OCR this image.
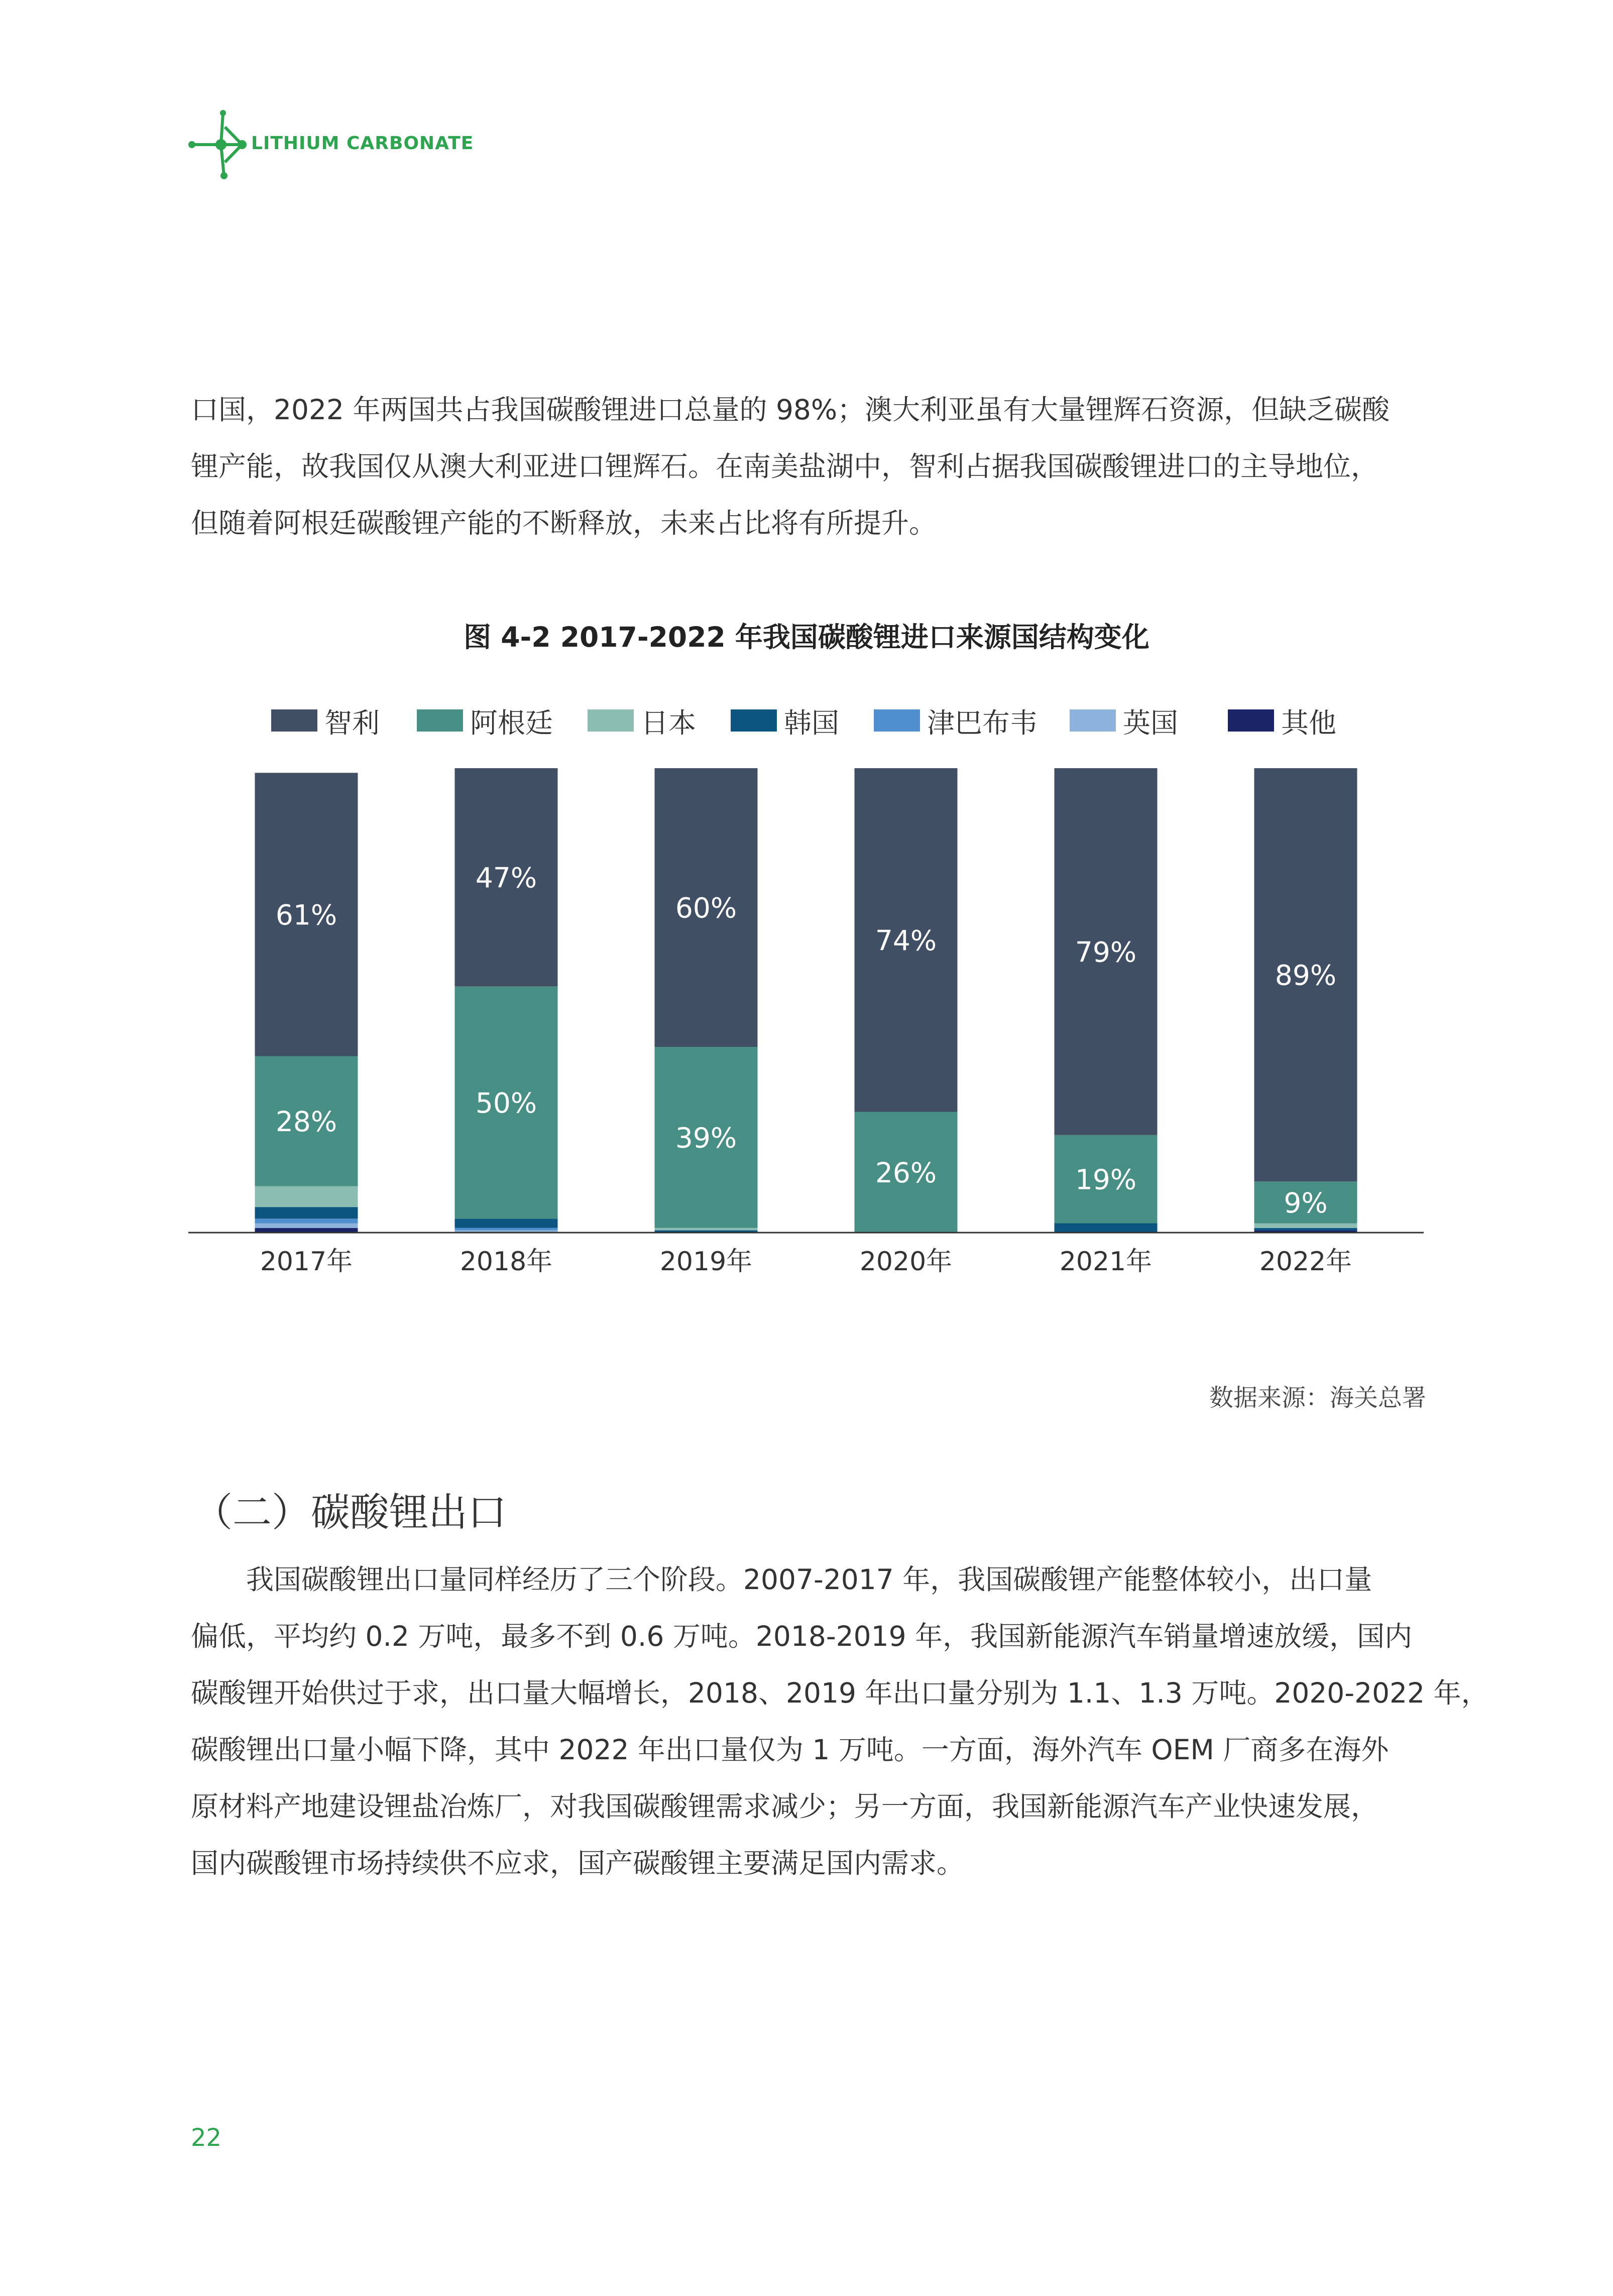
LITHIUM CARBONATE
口国，2022 年两国共占我国碳酸锂进口总量的 98%；澳大利亚虽有大量锂辉石资源，但缺乏碳酸
锂产能，故我国仅从澳大利亚进口锂辉石。在南美盐湖中，智利占据我国碳酸锂进口的主导地位，
但随着阿根廷碳酸锂产能的不断释放，未来占比将有所提升。
图 4-2 2017-2022 年我国碳酸锂进口来源国结构变化
智利	阿根廷	日本	韩国	津巴布韦	英国	其他
28%
61%
2017年
50%
47%
2018年
39%
60%
2019年
26%
74%
2020年
19%
79%
2021年
9%
89%
2022年
数据来源：海关总署
（二）碳酸锂出口
　　我国碳酸锂出口量同样经历了三个阶段。2007-2017 年，我国碳酸锂产能整体较小，出口量
偏低，平均约 0.2 万吨，最多不到 0.6 万吨。2018-2019 年，我国新能源汽车销量增速放缓，国内
碳酸锂开始供过于求，出口量大幅增长，2018、2019 年出口量分别为 1.1、1.3 万吨。2020-2022 年，
碳酸锂出口量小幅下降，其中 2022 年出口量仅为 1 万吨。一方面，海外汽车 OEM 厂商多在海外
原材料产地建设锂盐冶炼厂，对我国碳酸锂需求减少；另一方面，我国新能源汽车产业快速发展，
国内碳酸锂市场持续供不应求，国产碳酸锂主要满足国内需求。
22
